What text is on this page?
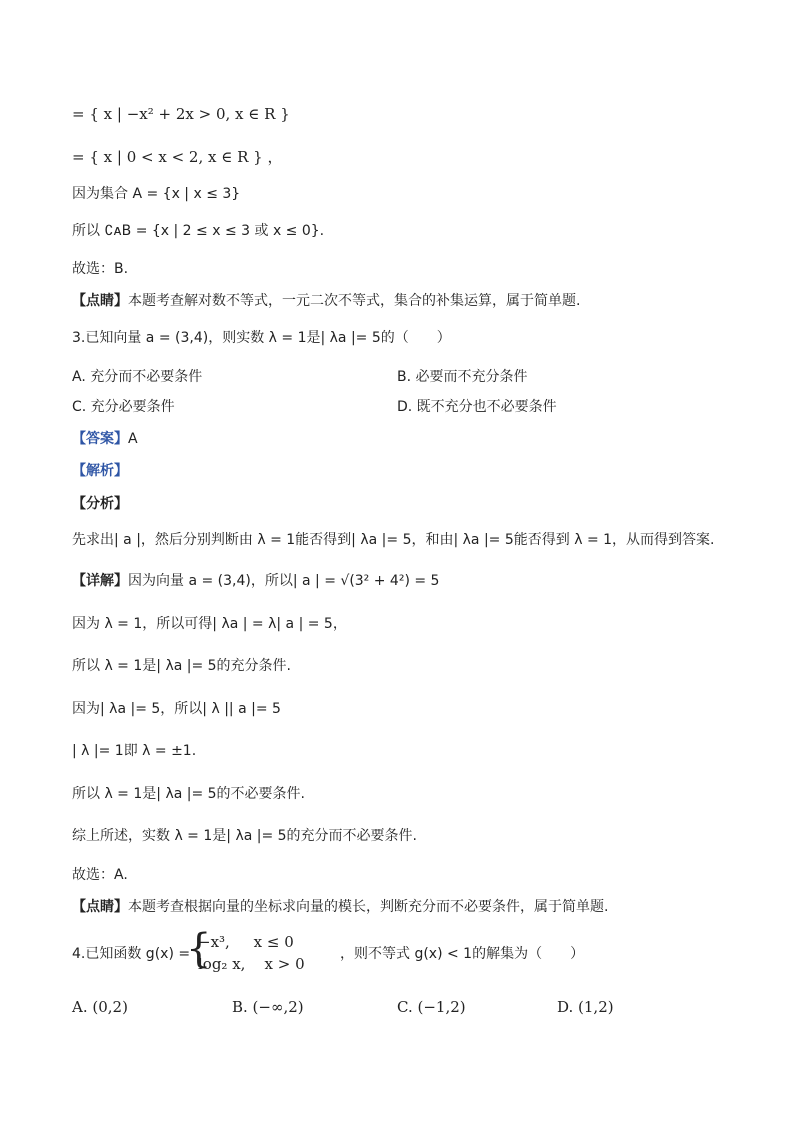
= { x | −x² + 2x > 0, x ∈ R }
= { x | 0 < x < 2, x ∈ R } ，
因为集合 A = {x | x ≤ 3}
所以 ∁ᴀB = {x | 2 ≤ x ≤ 3 或 x ≤ 0}.
故选：B.
【点睛】本题考查解对数不等式，一元二次不等式，集合的补集运算，属于简单题.
3.已知向量 a = (3,4)，则实数 λ = 1是| λa |= 5的（　　）
A. 充分而不必要条件	B. 必要而不充分条件
C. 充分必要条件	D. 既不充分也不必要条件
【答案】A
【解析】
【分析】
先求出| a |，然后分别判断由 λ = 1能否得到| λa |= 5，和由| λa |= 5能否得到 λ = 1，从而得到答案.
【详解】因为向量 a = (3,4)，所以| a | = √(3² + 4²) = 5
因为 λ = 1，所以可得| λa | = λ| a | = 5，
所以 λ = 1是| λa |= 5的充分条件.
因为| λa |= 5，所以| λ || a |= 5
| λ |= 1即 λ = ±1.
所以 λ = 1是| λa |= 5的不必要条件.
综上所述，实数 λ = 1是| λa |= 5的充分而不必要条件.
故选：A.
【点睛】本题考查根据向量的坐标求向量的模长，判断充分而不必要条件，属于简单题.
4.已知函数 g(x) =
{
−x³,     x ≤ 0
log₂ x,    x > 0
，则不等式 g(x) < 1的解集为（　　）
A. (0,2)	B. (−∞,2)	C. (−1,2)	D. (1,2)
